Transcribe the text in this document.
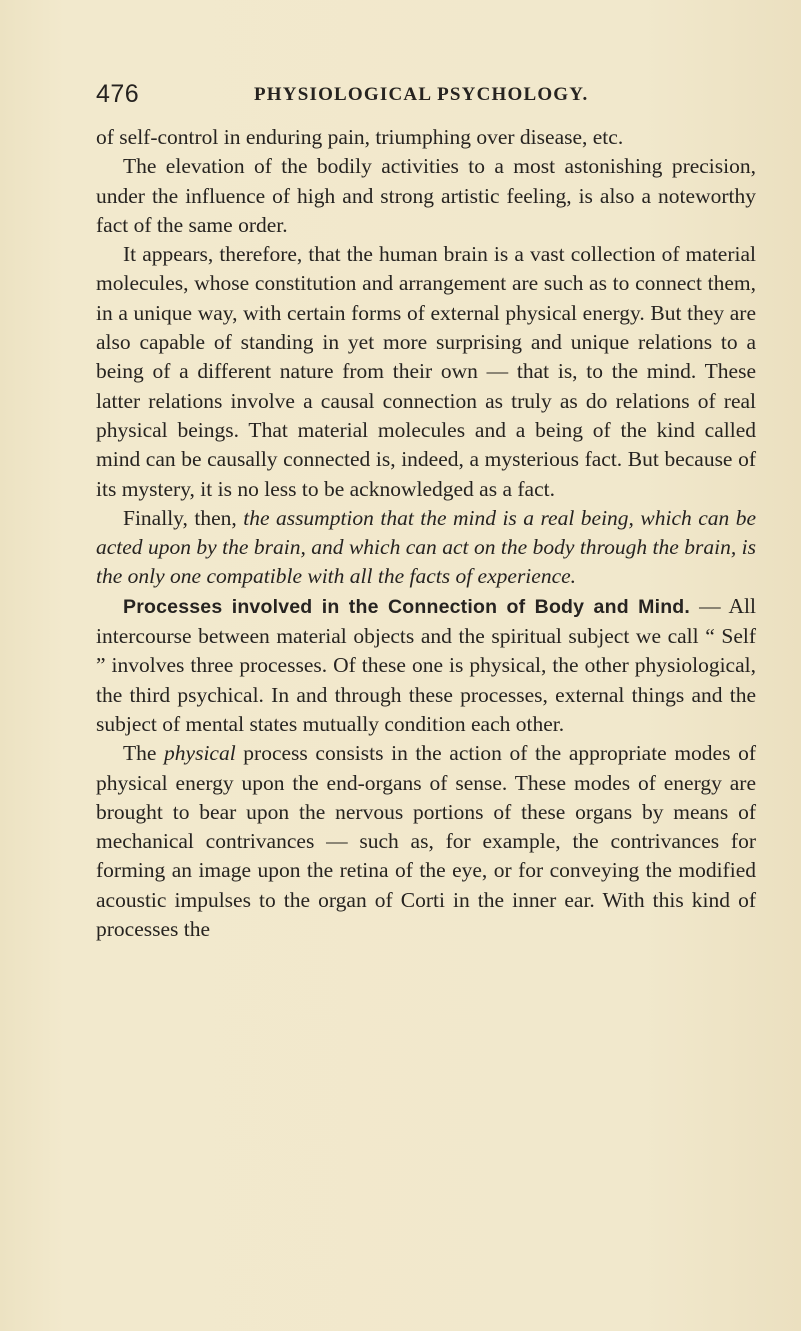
476	PHYSIOLOGICAL PSYCHOLOGY.

of self-control in enduring pain, triumphing over disease, etc.

The elevation of the bodily activities to a most astonishing precision, under the influence of high and strong artistic feeling, is also a noteworthy fact of the same order.

It appears, therefore, that the human brain is a vast collection of material molecules, whose constitution and arrangement are such as to connect them, in a unique way, with certain forms of external physical energy. But they are also capable of standing in yet more surprising and unique relations to a being of a different nature from their own — that is, to the mind. These latter relations involve a causal connection as truly as do relations of real physical beings. That material molecules and a being of the kind called mind can be causally connected is, indeed, a mysterious fact. But because of its mystery, it is no less to be acknowledged as a fact.

Finally, then, the assumption that the mind is a real being, which can be acted upon by the brain, and which can act on the body through the brain, is the only one compatible with all the facts of experience.

Processes involved in the Connection of Body and Mind. — All intercourse between material objects and the spiritual subject we call “ Self ” involves three processes. Of these one is physical, the other physiological, the third psychical. In and through these processes, external things and the subject of mental states mutually condition each other.

The physical process consists in the action of the appropriate modes of physical energy upon the end-organs of sense. These modes of energy are brought to bear upon the nervous portions of these organs by means of mechanical contrivances — such as, for example, the contrivances for forming an image upon the retina of the eye, or for conveying the modified acoustic impulses to the organ of Corti in the inner ear. With this kind of processes the
